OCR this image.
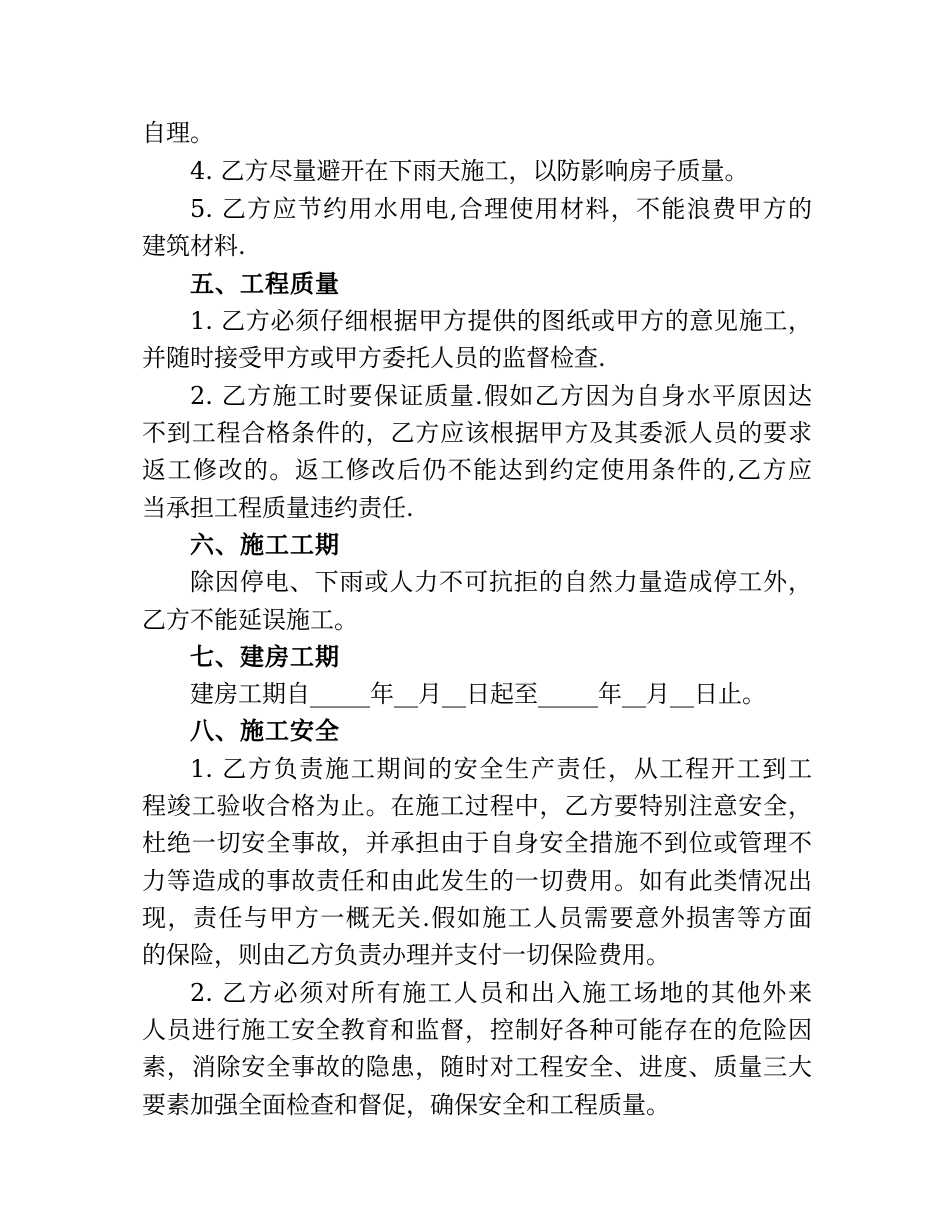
自理。
4. 乙方尽量避开在下雨天施工，以防影响房子质量。
5. 乙方应节约用水用电,合理使用材料，不能浪费甲方的
建筑材料.
五、工程质量
1. 乙方必须仔细根据甲方提供的图纸或甲方的意见施工，
并随时接受甲方或甲方委托人员的监督检查.
2. 乙方施工时要保证质量.假如乙方因为自身水平原因达
不到工程合格条件的，乙方应该根据甲方及其委派人员的要求
返工修改的。返工修改后仍不能达到约定使用条件的,乙方应
当承担工程质量违约责任.
六、施工工期
除因停电、下雨或人力不可抗拒的自然力量造成停工外，
乙方不能延误施工。
七、建房工期
建房工期自_____年__月__日起至_____年__月__日止。
八、施工安全
1. 乙方负责施工期间的安全生产责任，从工程开工到工
程竣工验收合格为止。在施工过程中，乙方要特别注意安全，
杜绝一切安全事故，并承担由于自身安全措施不到位或管理不
力等造成的事故责任和由此发生的一切费用。如有此类情况出
现，责任与甲方一概无关.假如施工人员需要意外损害等方面
的保险，则由乙方负责办理并支付一切保险费用。
2. 乙方必须对所有施工人员和出入施工场地的其他外来
人员进行施工安全教育和监督，控制好各种可能存在的危险因
素，消除安全事故的隐患，随时对工程安全、进度、质量三大
要素加强全面检查和督促，确保安全和工程质量。
